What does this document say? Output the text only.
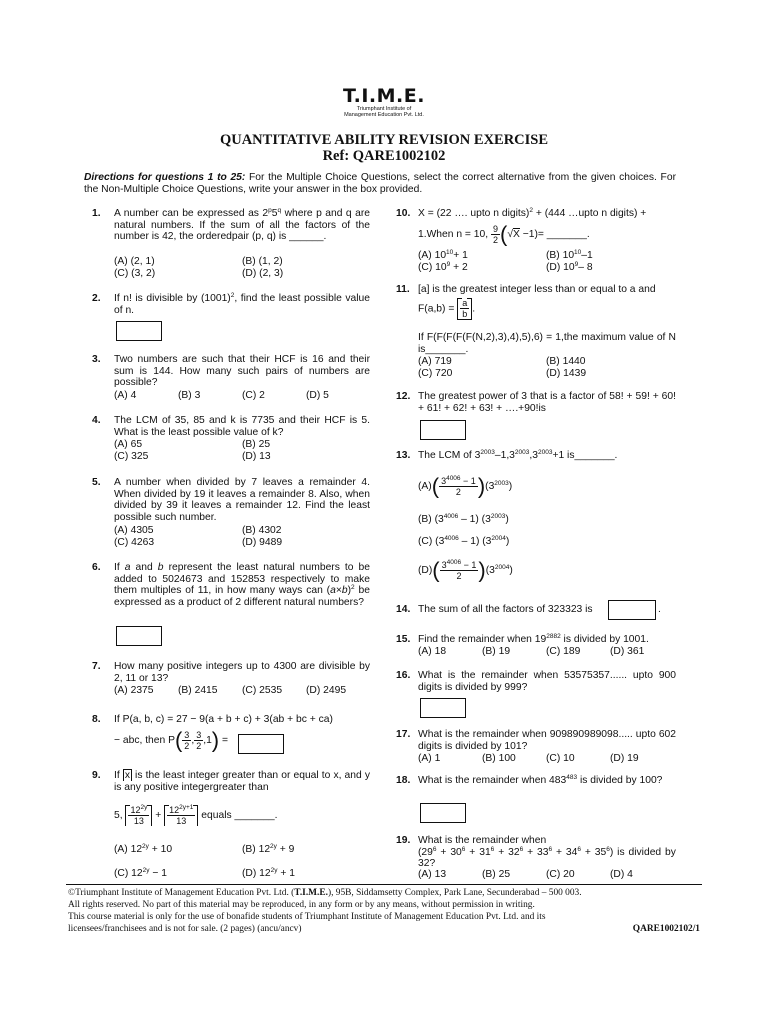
T.I.M.E.
Triumphant Institute of
Management Education Pvt. Ltd.
QUANTITATIVE ABILITY REVISION EXERCISE
Ref: QARE1002102
Directions for questions 1 to 25: For the Multiple Choice Questions, select the correct alternative from the given choices. For the Non-Multiple Choice Questions, write your answer in the box provided.
1. A number can be expressed as 2$^p$5$^q$ where p and q are natural numbers. If the sum of all the factors of the number is 42, the orderedpair (p, q) is ______.
(A) (2, 1)	(B) (1, 2)
(C) (3, 2)	(D) (2, 3)
2. If n! is divisible by $(1001)^2$, find the least possible value of n.
3. Two numbers are such that their HCF is 16 and their sum is 144. How many such pairs of numbers are possible?
(A) 4	(B) 3	(C) 2	(D) 5
4. The LCM of 35, 85 and k is 7735 and their HCF is 5. What is the least possible value of k?
(A) 65	(B) 25
(C) 325	(D) 13
5. A number when divided by 7 leaves a remainder 4. When divided by 19 it leaves a remainder 8. Also, when divided by 39 it leaves a remainder 12. Find the least possible such number.
(A) 4305	(B) 4302
(C) 4263	(D) 9489
6. If a and b represent the least natural numbers to be added to 5024673 and 152853 respectively to make them multiples of 11, in how many ways can $(a\times b)^2$ be expressed as a product of 2 different natural numbers?
7. How many positive integers up to 4300 are divisible by 2, 11 or 13?
(A) 2375 (B) 2415 (C) 2535 (D) 2495
8. If P(a, b, c) = 27 − 9(a + b + c) + 3(ab + bc + ca)
− abc, then $P( \frac{3}{2}$ , $\frac{3}{2} ,1$) =
9. If x is the least integer greater than or equal to x, and y is any positive integergreater than
5, $\frac{12^{2y}}{13} + \frac{12^{2y+1}}{13}$ equals _______.
(A) $12^{2y} + 10$	(B) $12^{2y} + 9$
(C) $12^{2y} - 1$	(D) $12^{2y} + 1$
10. X = (22 …. upto n digits)$^2$ + (444 …upto n digits) +
1.When n = 10, $\frac{9}{2} (√X -1)=$ _______.
(A) $10^{10}+ 1$	(B) $10^{10}-1$
(C) $10^9 + 2$	(D) $10^9-$ 8
11. [a] is the greatest integer less than or equal to a and
$F(a,b) = \frac{a}{b}$ .
If F(F(F(F(F(N,2),3),4),5),6) = 1,the maximum value of N is_______.
(A) 719	(B) 1440
(C) 720	(D) 1439
12. The greatest power of 3 that is a factor of 58! + 59! + 60! + 61! + 62! + 63! + ….+90!is
13. The LCM of $3^{2003}-1,3^{2003},3^{2003}+1$ is_______.
$(A)( \frac{3^{4006} - 1}{2} )(3^{2003})$
(B) $(3^{4006} - 1)$ $(3^{2003})$
(C) $(3^{4006} - 1)$ $(3^{2004})$
$(D)( \frac{3^{4006} - 1}{2} )(3^{2004})$
14. The sum of all the factors of 323323 is	.
15. Find the remainder when $19^{2882}$ is divided by 1001.
(A) 18	(B) 19	(C) 189	(D) 361
16. What is the remainder when 53575357...... upto 900 digits is divided by 999?
17. What is the remainder when 909890989098..... upto 602 digits is divided by 101?
(A) 1	(B) 100	(C) 10	(D) 19
18. What is the remainder when $483^{483}$ is divided by 100?
19. What is the remainder when
$(29^6 + 30^6 + 31^6 + 32^6 + 33^6 + 34^6 + 35^6)$ is divided by 32?
(A) 13	(B) 25	(C) 20	(D) 4
©Triumphant Institute of Management Education Pvt. Ltd. (T.I.M.E.), 95B, Siddamsetty Complex, Park Lane, Secunderabad – 500 003.
All rights reserved. No part of this material may be reproduced, in any form or by any means, without permission in writing.
This course material is only for the use of bonafide students of Triumphant Institute of Management Education Pvt. Ltd. and its
licensees/franchisees and is not for sale. (2 pages) (ancu/ancv)	QARE1002102/1
